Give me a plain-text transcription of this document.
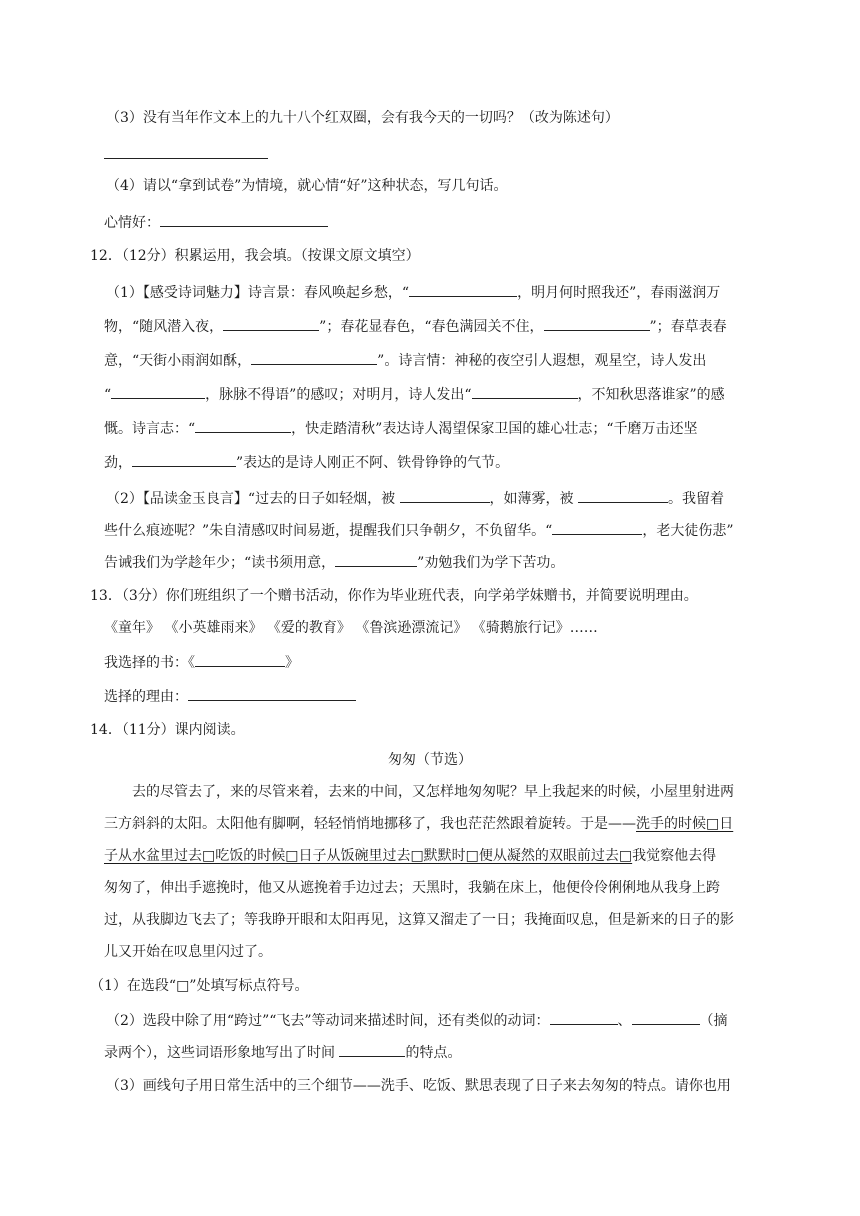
（3）没有当年作文本上的九十八个红双圈，会有我今天的一切吗？（改为陈述句）
（4）请以“拿到试卷”为情境，就心情“好”这种状态，写几句话。
心情好：
12．（12分）积累运用，我会填。（按课文原文填空）
（1）【感受诗词魅力】诗言景：春风唤起乡愁，“	，明月何时照我还”，春雨滋润万
物，“随风潜入夜，	”；春花显春色，“春色满园关不住，	”；春草表春
意，“天街小雨润如酥，	”。诗言情：神秘的夜空引人遐想，观星空，诗人发出
“	，脉脉不得语”的感叹；对明月，诗人发出“	，不知秋思落谁家”的感
慨。诗言志：“	，快走踏清秋”表达诗人渴望保家卫国的雄心壮志；“千磨万击还坚
劲，	”表达的是诗人刚正不阿、铁骨铮铮的气节。
（2）【品读金玉良言】“过去的日子如轻烟，被	，如薄雾，被	。我留着
些什么痕迹呢？”朱自清感叹时间易逝，提醒我们只争朝夕，不负留华。“	，老大徒伤悲”
告诫我们为学趁年少；“读书须用意，	”劝勉我们为学下苦功。
13．（3分）你们班组织了一个赠书活动，你作为毕业班代表，向学弟学妹赠书，并简要说明理由。
《童年》 《小英雄雨来》 《爱的教育》 《鲁滨逊漂流记》 《骑鹅旅行记》……
我选择的书：《	》
选择的理由：
14．（11分）课内阅读。
匆匆（节选）
去的尽管去了，来的尽管来着，去来的中间，又怎样地匆匆呢？早上我起来的时候，小屋里射进两
三方斜斜的太阳。太阳他有脚啊，轻轻悄悄地挪移了，我也茫茫然跟着旋转。于是——洗手的时候□日
子从水盆里过去□吃饭的时候□日子从饭碗里过去□默默时□便从凝然的双眼前过去□我觉察他去得
匆匆了，伸出手遮挽时，他又从遮挽着手边过去；天黑时，我躺在床上，他便伶伶俐俐地从我身上跨
过，从我脚边飞去了；等我睁开眼和太阳再见，这算又溜走了一日；我掩面叹息，但是新来的日子的影
儿又开始在叹息里闪过了。
（1）在选段“□”处填写标点符号。
（2）选段中除了用“跨过”“飞去”等动词来描述时间，还有类似的动词：	、	（摘
录两个），这些词语形象地写出了时间	的特点。
（3）画线句子用日常生活中的三个细节——洗手、吃饭、默思表现了日子来去匆匆的特点。请你也用
